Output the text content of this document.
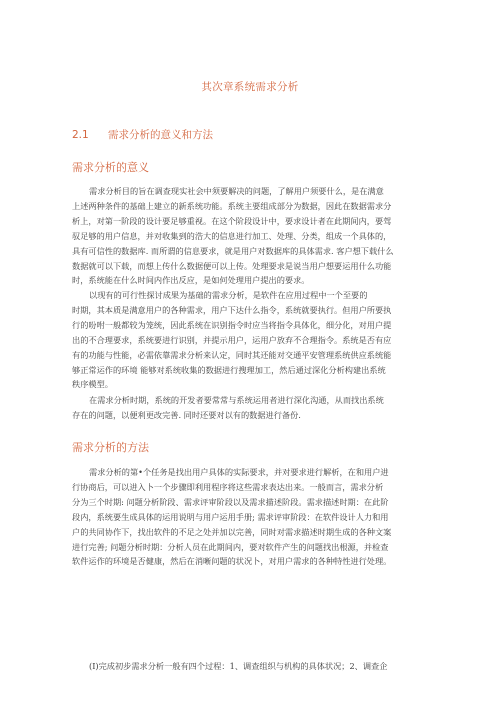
其次章系统需求分析
2.1 需求分析的意义和方法
需求分析的意义
需求分析目的旨在调查现实社会中须要解决的问题，了解用户须要什么，是在满意
上述两种条件的基础上建立的新系统功能。系统主要组成部分为数据，因此在数据需求分
析上，对第一阶段的设计要足够重视。在这个阶段设计中，要求设计者在此期间内，要驾
驭足够的用户信息，并对收集到的浩大的信息进行加工、处理、分类，组成一个具体的，
具有可信性的数据库. 而所谓的信息要求，就是用户对数据库的具体需求. 客户想下载什么
数据就可以下载，而想上传什么数据便可以上传。处理要求是说当用户想要运用什么功能
时，系统能在什么时间内作出反应，是如何处理用户提出的要求。
以现有的可行性探讨成果为基础的需求分析，是软件在应用过程中一个至要的
时期，其本质是满意用户的各种需求，用户下达什么指令，系统就要执行。但用户所要执
行的吩咐一般都较为笼统，因此系统在识别指令时应当将指令具体化，细分化，对用户提
出的不合理要求，系统要进行识别，并提示用户，运用户放弃不合理指令。系统是否有应
有的功能与性能，必需依靠需求分析来认定，同时其还能对交通平安管理系统供应系统能
够正常运作的环境 能够对系统收集的数据进行搜理加工，然后通过深化分析构建出系统
秩序模型。
在需求分析时期，系统的开发者要常常与系统运用者进行深化沟通，从而找出系统
存在的问题，以便利更改完善. 同时还要对以有的数据进行备份.
需求分析的方法
需求分析的第•个任务是找出用户具体的实际要求，并对要求进行解析，在和用户进
行协商后，可以进入卜一个步骤即利用程序将这些需求表达出来。一般而言，需求分析
分为三个时期: 问题分析阶段、需求评审阶段以及需求描述阶段。需求描述时期：在此阶
段内，系统要生成具体的运用说明与用户运用手册; 需求评审阶段：在软件设计人力和用
户的共同协作下，找出软件的不足之处并加以完善，同时对需求描述时期生成的各种文案
进行完善; 问题分析时期：分析人员在此期间内，要对软件产生的问题找出根源，并检查
软件运作的环境是否健康，然后在消晰问题的状况卜，对用户需求的各种特性进行处理。
(I)完成初步需求分析一般有四个过程：1、调查组织与机构的具体状况；2、调查企
